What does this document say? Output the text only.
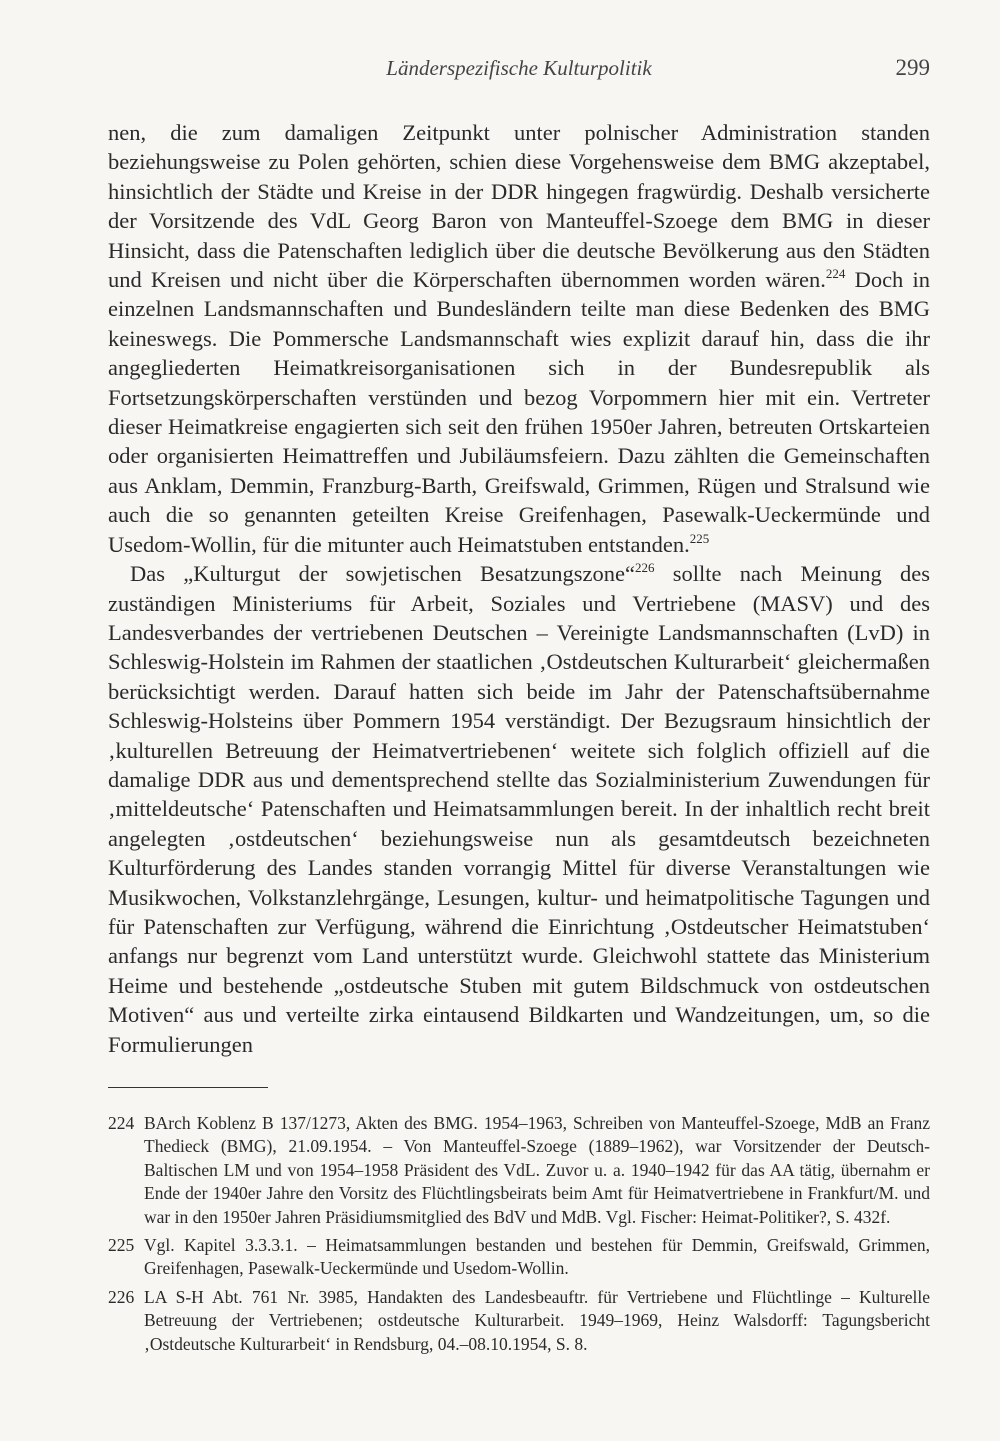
Länderspezifische Kulturpolitik	299

nen, die zum damaligen Zeitpunkt unter polnischer Administration standen beziehungsweise zu Polen gehörten, schien diese Vorgehensweise dem BMG akzeptabel, hinsichtlich der Städte und Kreise in der DDR hingegen fragwürdig. Deshalb versicherte der Vorsitzende des VdL Georg Baron von Manteuffel-Szoege dem BMG in dieser Hinsicht, dass die Patenschaften lediglich über die deutsche Bevölkerung aus den Städten und Kreisen und nicht über die Körperschaften übernommen worden wären.$^{224}$ Doch in einzelnen Landsmannschaften und Bundesländern teilte man diese Bedenken des BMG keineswegs. Die Pommersche Landsmannschaft wies explizit darauf hin, dass die ihr angegliederten Heimatkreisorganisationen sich in der Bundesrepublik als Fortsetzungskörperschaften verstünden und bezog Vorpommern hier mit ein. Vertreter dieser Heimatkreise engagierten sich seit den frühen 1950er Jahren, betreuten Ortskarteien oder organisierten Heimattreffen und Jubiläumsfeiern. Dazu zählten die Gemeinschaften aus Anklam, Demmin, Franzburg-Barth, Greifswald, Grimmen, Rügen und Stralsund wie auch die so genannten geteilten Kreise Greifenhagen, Pasewalk-Ueckermünde und Usedom-Wollin, für die mitunter auch Heimatstuben entstanden.$^{225}$

Das „Kulturgut der sowjetischen Besatzungszone“$^{226}$ sollte nach Meinung des zuständigen Ministeriums für Arbeit, Soziales und Vertriebene (MASV) und des Landesverbandes der vertriebenen Deutschen – Vereinigte Landsmannschaften (LvD) in Schleswig-Holstein im Rahmen der staatlichen ‚Ostdeutschen Kulturarbeit‘ gleichermaßen berücksichtigt werden. Darauf hatten sich beide im Jahr der Patenschaftsübernahme Schleswig-Holsteins über Pommern 1954 verständigt. Der Bezugsraum hinsichtlich der ‚kulturellen Betreuung der Heimatvertriebenen‘ weitete sich folglich offiziell auf die damalige DDR aus und dementsprechend stellte das Sozialministerium Zuwendungen für ‚mitteldeutsche‘ Patenschaften und Heimatsammlungen bereit. In der inhaltlich recht breit angelegten ‚ostdeutschen‘ beziehungsweise nun als gesamtdeutsch bezeichneten Kulturförderung des Landes standen vorrangig Mittel für diverse Veranstaltungen wie Musikwochen, Volkstanzlehrgänge, Lesungen, kultur- und heimatpolitische Tagungen und für Patenschaften zur Verfügung, während die Einrichtung ‚Ostdeutscher Heimatstuben‘ anfangs nur begrenzt vom Land unterstützt wurde. Gleichwohl stattete das Ministerium Heime und bestehende „ostdeutsche Stuben mit gutem Bildschmuck von ostdeutschen Motiven“ aus und verteilte zirka eintausend Bildkarten und Wandzeitungen, um, so die Formulierungen

224 BArch Koblenz B 137/1273, Akten des BMG. 1954–1963, Schreiben von Manteuffel-Szoege, MdB an Franz Thedieck (BMG), 21.09.1954. – Von Manteuffel-Szoege (1889–1962), war Vorsitzender der Deutsch-Baltischen LM und von 1954–1958 Präsident des VdL. Zuvor u. a. 1940–1942 für das AA tätig, übernahm er Ende der 1940er Jahre den Vorsitz des Flüchtlingsbeirats beim Amt für Heimatvertriebene in Frankfurt/M. und war in den 1950er Jahren Präsidiumsmitglied des BdV und MdB. Vgl. Fischer: Heimat-Politiker?, S. 432f.
225 Vgl. Kapitel 3.3.3.1. – Heimatsammlungen bestanden und bestehen für Demmin, Greifswald, Grimmen, Greifenhagen, Pasewalk-Ueckermünde und Usedom-Wollin.
226 LA S-H Abt. 761 Nr. 3985, Handakten des Landesbeauftr. für Vertriebene und Flüchtlinge – Kulturelle Betreuung der Vertriebenen; ostdeutsche Kulturarbeit. 1949–1969, Heinz Walsdorff: Tagungsbericht ‚Ostdeutsche Kulturarbeit‘ in Rendsburg, 04.–08.10.1954, S. 8.
